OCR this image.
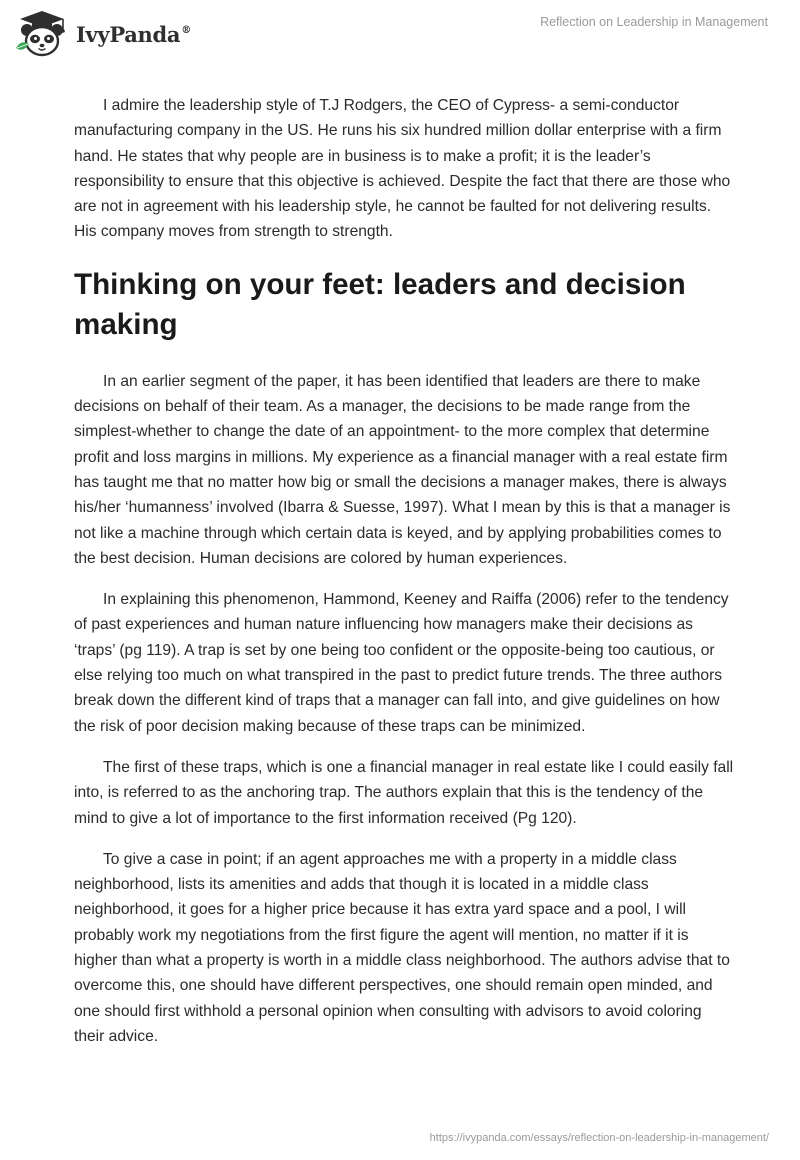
IvyPanda®
Reflection on Leadership in Management

I admire the leadership style of T.J Rodgers, the CEO of Cypress- a semi-conductor manufacturing company in the US. He runs his six hundred million dollar enterprise with a firm hand. He states that why people are in business is to make a profit; it is the leader’s responsibility to ensure that this objective is achieved. Despite the fact that there are those who are not in agreement with his leadership style, he cannot be faulted for not delivering results. His company moves from strength to strength.

Thinking on your feet: leaders and decision making

In an earlier segment of the paper, it has been identified that leaders are there to make decisions on behalf of their team. As a manager, the decisions to be made range from the simplest-whether to change the date of an appointment- to the more complex that determine profit and loss margins in millions. My experience as a financial manager with a real estate firm has taught me that no matter how big or small the decisions a manager makes, there is always his/her ‘humanness’ involved (Ibarra & Suesse, 1997). What I mean by this is that a manager is not like a machine through which certain data is keyed, and by applying probabilities comes to the best decision. Human decisions are colored by human experiences.

In explaining this phenomenon, Hammond, Keeney and Raiffa (2006) refer to the tendency of past experiences and human nature influencing how managers make their decisions as ‘traps’ (pg 119). A trap is set by one being too confident or the opposite-being too cautious, or else relying too much on what transpired in the past to predict future trends. The three authors break down the different kind of traps that a manager can fall into, and give guidelines on how the risk of poor decision making because of these traps can be minimized.

The first of these traps, which is one a financial manager in real estate like I could easily fall into, is referred to as the anchoring trap. The authors explain that this is the tendency of the mind to give a lot of importance to the first information received (Pg 120).

To give a case in point; if an agent approaches me with a property in a middle class neighborhood, lists its amenities and adds that though it is located in a middle class neighborhood, it goes for a higher price because it has extra yard space and a pool, I will probably work my negotiations from the first figure the agent will mention, no matter if it is higher than what a property is worth in a middle class neighborhood. The authors advise that to overcome this, one should have different perspectives, one should remain open minded, and one should first withhold a personal opinion when consulting with advisors to avoid coloring their advice.

https://ivypanda.com/essays/reflection-on-leadership-in-management/
